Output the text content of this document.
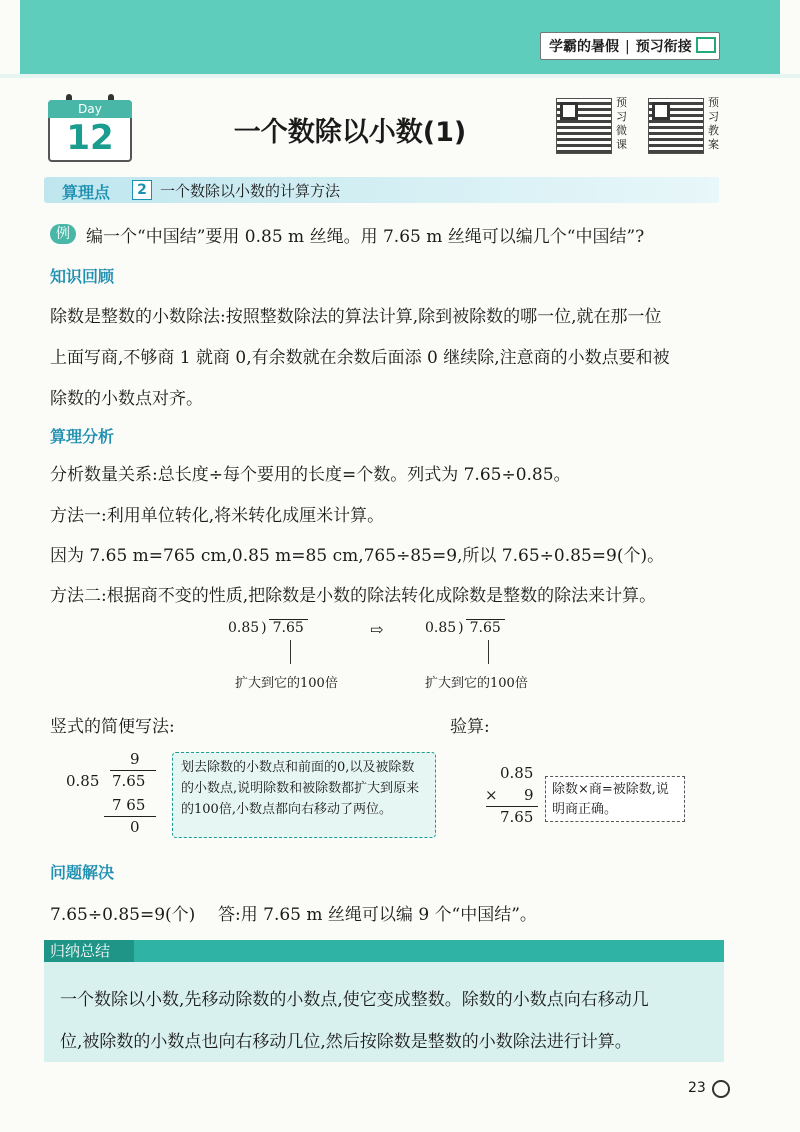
学霸的暑假 | 预习衔接
Day
12	一个数除以小数(1)
预习微课
预习教案
算理点	2 一个数除以小数的计算方法
例 编一个“中国结”要用 0.85 m 丝绳。用 7.65 m 丝绳可以编几个“中国结”?
知识回顾
除数是整数的小数除法:按照整数除法的算法计算,除到被除数的哪一位,就在那一位
上面写商,不够商 1 就商 0,有余数就在余数后面添 0 继续除,注意商的小数点要和被
除数的小数点对齐。
算理分析
分析数量关系:总长度÷每个要用的长度=个数。列式为 7.65÷0.85。
方法一:利用单位转化,将米转化成厘米计算。
因为 7.65 m=765 cm,0.85 m=85 cm,765÷85=9,所以 7.65÷0.85=9(个)。
方法二:根据商不变的性质,把除数是小数的除法转化成除数是整数的除法来计算。
0.85 ) 7.65	⇨	0.85 ) 7.65
扩大到它的100倍	扩大到它的100倍
竖式的简便写法:
9
0.85 7.65
7 65
0
划去除数的小数点和前面的0,以及被除数的小数点,说明除数和被除数都扩大到原来的100倍,小数点都向右移动了两位。
验算:
0.85
× 9
7.65
除数×商=被除数,说明商正确。
问题解决
7.65÷0.85=9(个) 答:用 7.65 m 丝绳可以编 9 个“中国结”。
归纳总结
一个数除以小数,先移动除数的小数点,使它变成整数。除数的小数点向右移动几
位,被除数的小数点也向右移动几位,然后按除数是整数的小数除法进行计算。
23
